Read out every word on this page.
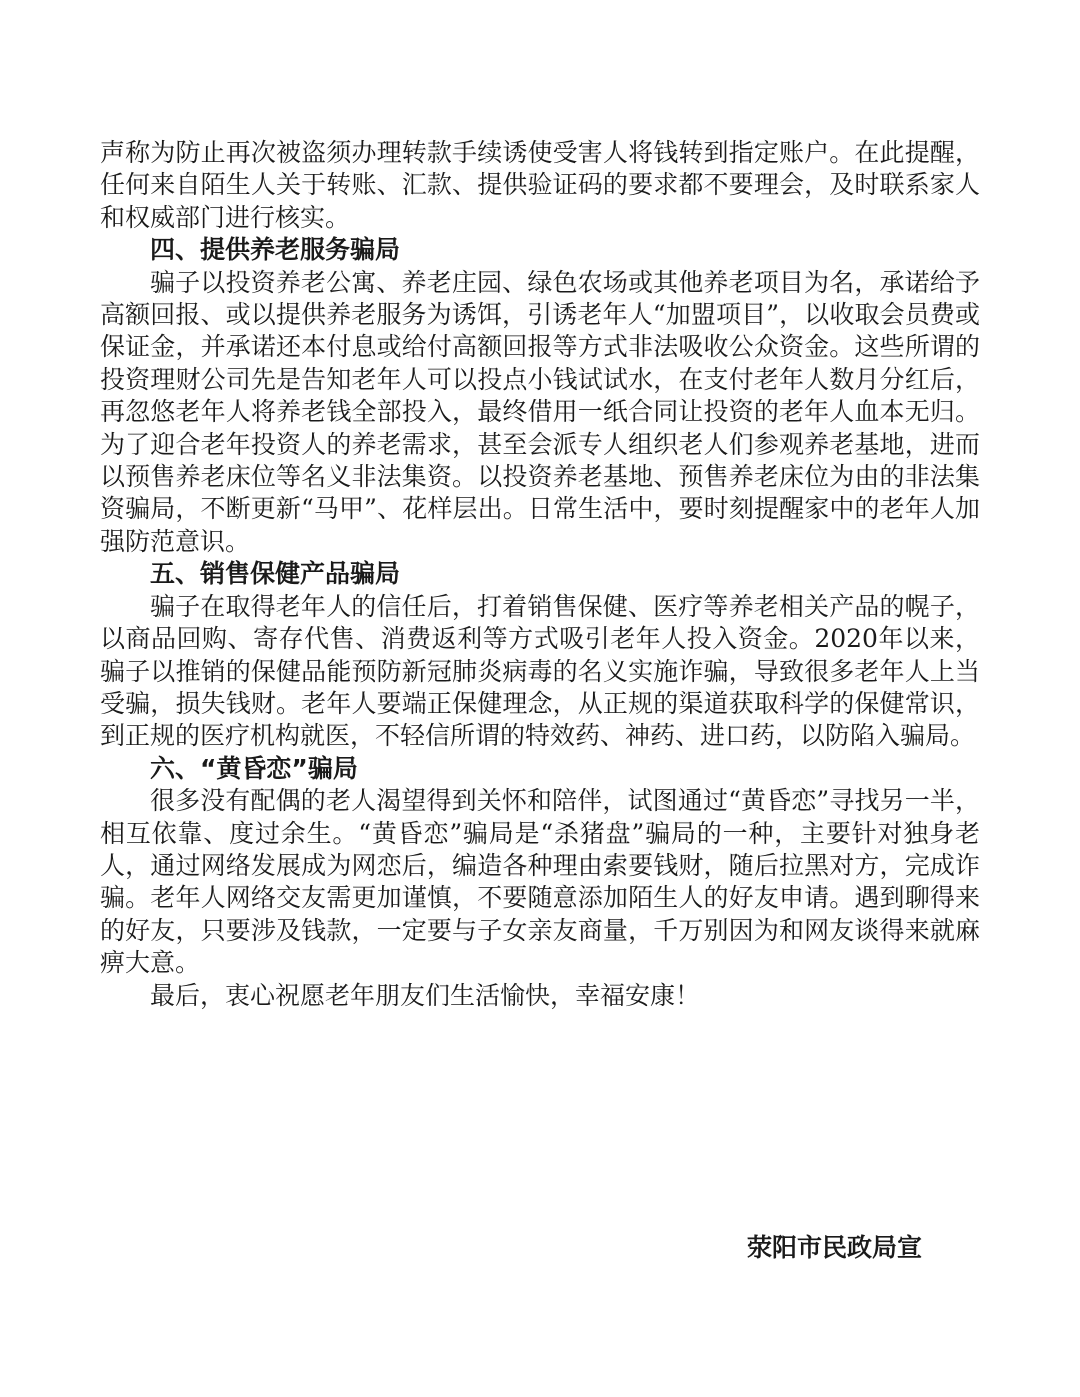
声称为防止再次被盗须办理转款手续诱使受害人将钱转到指定账户。在此提醒，任何来自陌生人关于转账、汇款、提供验证码的要求都不要理会，及时联系家人和权威部门进行核实。

四、提供养老服务骗局

骗子以投资养老公寓、养老庄园、绿色农场或其他养老项目为名，承诺给予高额回报、或以提供养老服务为诱饵，引诱老年人“加盟项目”，以收取会员费或保证金，并承诺还本付息或给付高额回报等方式非法吸收公众资金。这些所谓的投资理财公司先是告知老年人可以投点小钱试试水，在支付老年人数月分红后，再忽悠老年人将养老钱全部投入，最终借用一纸合同让投资的老年人血本无归。为了迎合老年投资人的养老需求，甚至会派专人组织老人们参观养老基地，进而以预售养老床位等名义非法集资。以投资养老基地、预售养老床位为由的非法集资骗局，不断更新“马甲”、花样层出。日常生活中，要时刻提醒家中的老年人加强防范意识。

五、销售保健产品骗局

骗子在取得老年人的信任后，打着销售保健、医疗等养老相关产品的幌子，以商品回购、寄存代售、消费返利等方式吸引老年人投入资金。2020年以来，骗子以推销的保健品能预防新冠肺炎病毒的名义实施诈骗，导致很多老年人上当受骗，损失钱财。老年人要端正保健理念，从正规的渠道获取科学的保健常识，到正规的医疗机构就医，不轻信所谓的特效药、神药、进口药，以防陷入骗局。

六、“黄昏恋”骗局

很多没有配偶的老人渴望得到关怀和陪伴，试图通过“黄昏恋”寻找另一半，相互依靠、度过余生。“黄昏恋”骗局是“杀猪盘”骗局的一种，主要针对独身老人，通过网络发展成为网恋后，编造各种理由索要钱财，随后拉黑对方，完成诈骗。老年人网络交友需更加谨慎，不要随意添加陌生人的好友申请。遇到聊得来的好友，只要涉及钱款，一定要与子女亲友商量，千万别因为和网友谈得来就麻痹大意。

最后，衷心祝愿老年朋友们生活愉快，幸福安康！

荥阳市民政局宣
